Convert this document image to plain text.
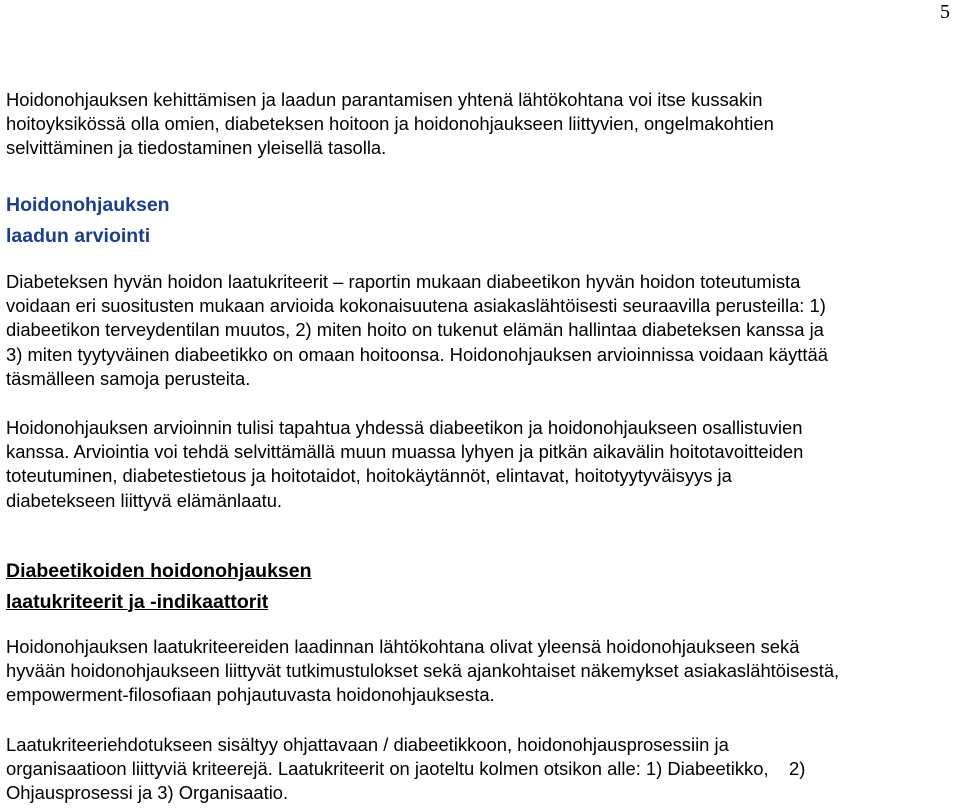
5

Hoidonohjauksen kehittämisen ja laadun parantamisen yhtenä lähtökohtana voi itse kussakin
hoitoyksikössä olla omien, diabeteksen hoitoon ja hoidonohjaukseen liittyvien, ongelmakohtien
selvittäminen ja tiedostaminen yleisellä tasolla.

Hoidonohjauksen
laadun arviointi

Diabeteksen hyvän hoidon laatukriteerit – raportin mukaan diabeetikon hyvän hoidon toteutumista
voidaan eri suositusten mukaan arvioida kokonaisuutena asiakaslähtöisesti seuraavilla perusteilla: 1)
diabeetikon terveydentilan muutos, 2) miten hoito on tukenut elämän hallintaa diabeteksen kanssa ja
3) miten tyytyväinen diabeetikko on omaan hoitoonsa. Hoidonohjauksen arvioinnissa voidaan käyttää
täsmälleen samoja perusteita.

Hoidonohjauksen arvioinnin tulisi tapahtua yhdessä diabeetikon ja hoidonohjaukseen osallistuvien
kanssa. Arviointia voi tehdä selvittämällä muun muassa lyhyen ja pitkän aikavälin hoitotavoitteiden
toteutuminen, diabetestietous ja hoitotaidot, hoitokäytännöt, elintavat, hoitotyytyväisyys ja
diabetekseen liittyvä elämänlaatu.

Diabeetikoiden hoidonohjauksen
laatukriteerit ja -indikaattorit

Hoidonohjauksen laatukriteereiden laadinnan lähtökohtana olivat yleensä hoidonohjaukseen sekä
hyvään hoidonohjaukseen liittyvät tutkimustulokset sekä ajankohtaiset näkemykset asiakaslähtöisestä,
empowerment-filosofiaan pohjautuvasta hoidonohjauksesta.

Laatukriteeriehdotukseen sisältyy ohjattavaan / diabeetikkoon, hoidonohjausprosessiin ja
organisaatioon liittyviä kriteerejä. Laatukriteerit on jaoteltu kolmen otsikon alle: 1) Diabeetikko,    2)
Ohjausprosessi ja 3) Organisaatio.
